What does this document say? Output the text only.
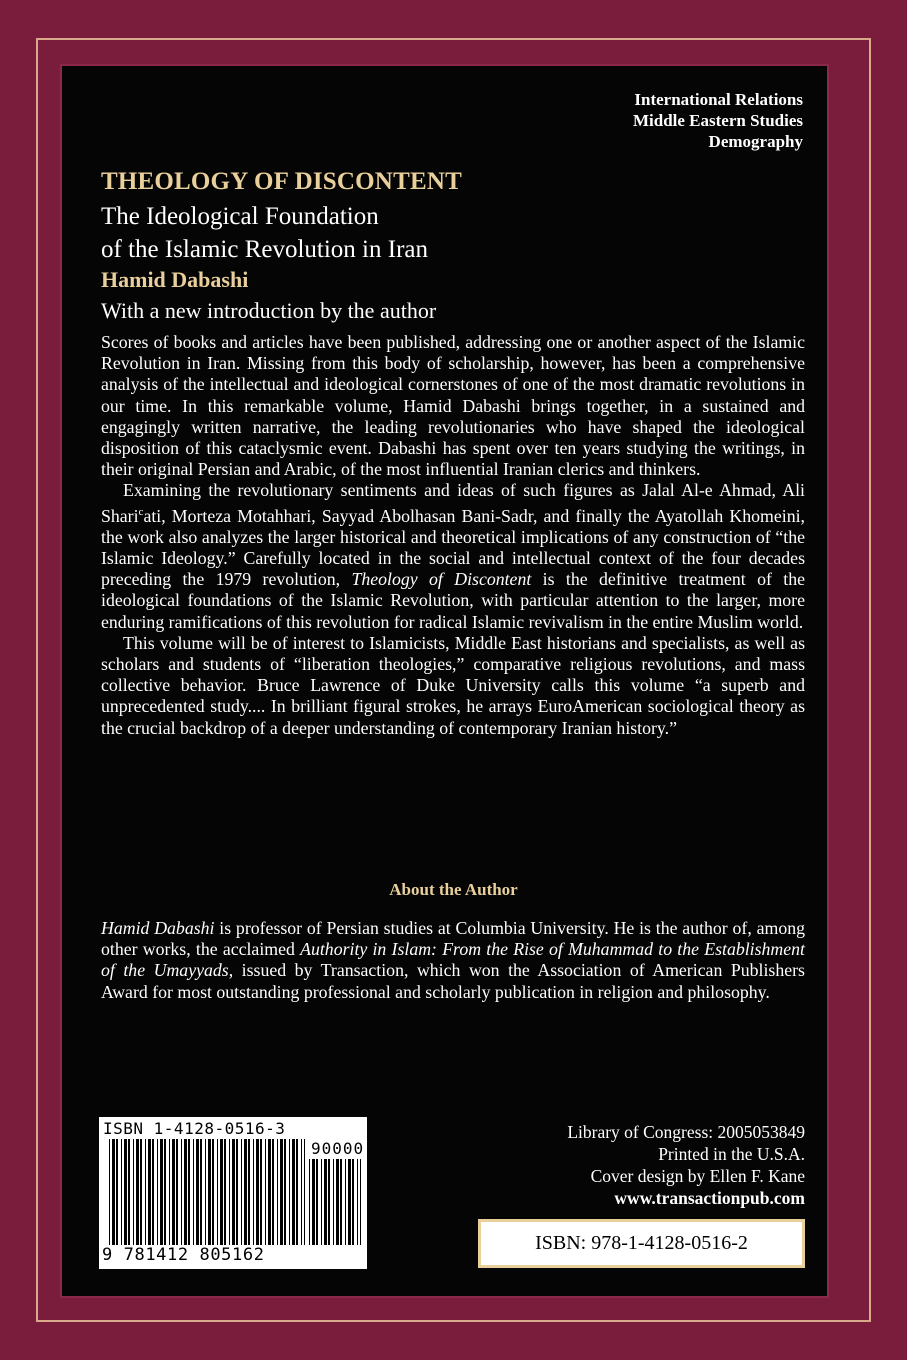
International Relations
Middle Eastern Studies
Demography
THEOLOGY OF DISCONTENT
The Ideological Foundation
of the Islamic Revolution in Iran
Hamid Dabashi
With a new introduction by the author

Scores of books and articles have been published, addressing one or another aspect of the Islamic Revolution in Iran. Missing from this body of scholarship, however, has been a comprehensive analysis of the intellectual and ideological cornerstones of one of the most dramatic revolutions in our time. In this remarkable volume, Hamid Dabashi brings together, in a sustained and engagingly written narrative, the leading revolutionaries who have shaped the ideological disposition of this cataclysmic event. Dabashi has spent over ten years studying the writings, in their original Persian and Arabic, of the most influential Iranian clerics and thinkers.

Examining the revolutionary sentiments and ideas of such figures as Jalal Al-e Ahmad, Ali Shari$^c$ati, Morteza Motahhari, Sayyad Abolhasan Bani-Sadr, and finally the Ayatollah Khomeini, the work also analyzes the larger historical and theoretical implications of any construction of “the Islamic Ideology.” Carefully located in the social and intellectual context of the four decades preceding the 1979 revolution, Theology of Discontent is the definitive treatment of the ideological foundations of the Islamic Revolution, with particular attention to the larger, more enduring ramifications of this revolution for radical Islamic revivalism in the entire Muslim world.

This volume will be of interest to Islamicists, Middle East historians and specialists, as well as scholars and students of “liberation theologies,” comparative religious revolutions, and mass collective behavior. Bruce Lawrence of Duke University calls this volume “a superb and unprecedented study.... In brilliant figural strokes, he arrays EuroAmerican sociological theory as the crucial backdrop of a deeper understanding of contemporary Iranian history.”

About the Author
Hamid Dabashi is professor of Persian studies at Columbia University. He is the author of, among other works, the acclaimed Authority in Islam: From the Rise of Muhammad to the Establishment of the Umayyads, issued by Transaction, which won the Association of American Publishers Award for most outstanding professional and scholarly publication in religion and philosophy.
ISBN 1-4128-0516-3
90000
9 781412 805162
Library of Congress: 2005053849
Printed in the U.S.A.
Cover design by Ellen F. Kane
www.transactionpub.com
ISBN: 978-1-4128-0516-2
